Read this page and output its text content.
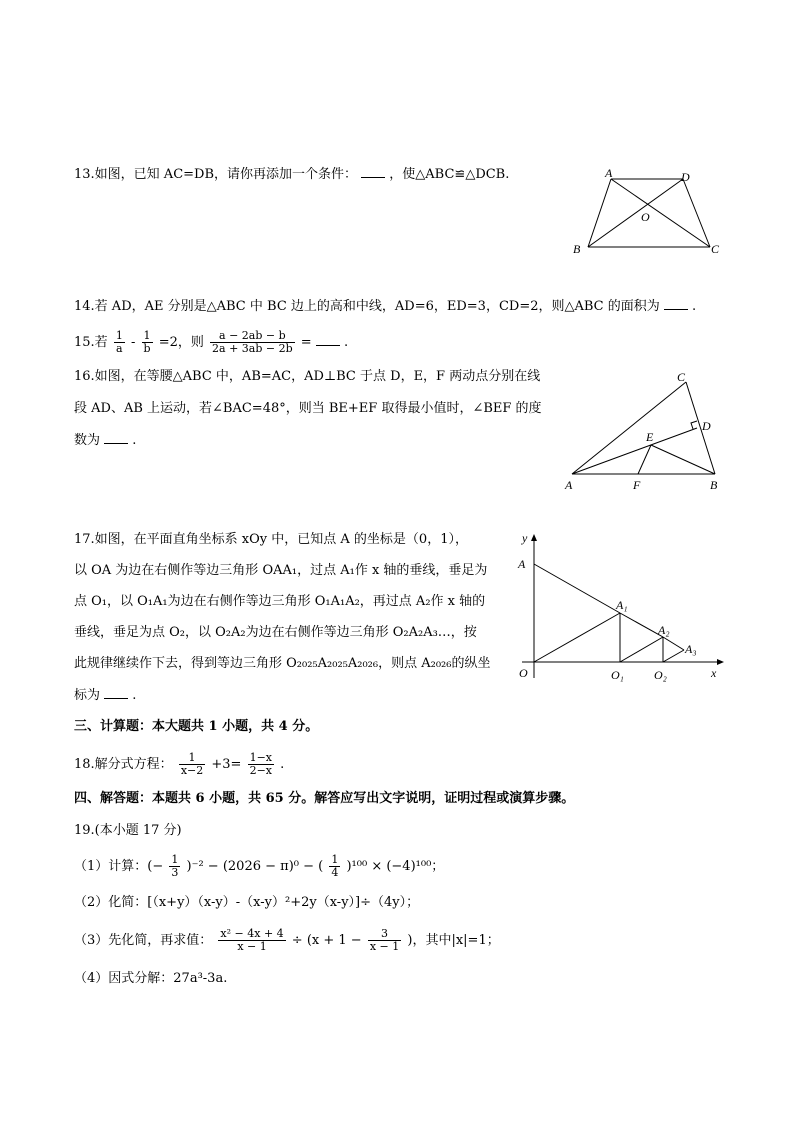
13.如图，已知 AC=DB，请你再添加一个条件： ，使△ABC≌△DCB.	A	D
O
B	C
14.若 AD，AE 分别是△ABC 中 BC 边上的高和中线，AD=6，ED=3，CD=2，则△ABC 的面积为 .
15.若 $\frac{1}{a} - \frac{1}{b} =2$，则 $\frac{a - 2ab - b}{2a + 3ab - 2b}$ = .
16.如图，在等腰△ABC 中，AB=AC，AD⊥BC 于点 D，E，F 两动点分别在线
段 AD、AB 上运动，若∠BAC=48°，则当 BE+EF 取得最小值时，∠BEF 的度
数为 .
C
D
E
A	F	B
17.如图，在平面直角坐标系 xOy 中，已知点 A 的坐标是（0，1），
以 OA 为边在右侧作等边三角形 OAA₁，过点 A₁作 x 轴的垂线，垂足为
点 O₁，以 O₁A₁为边在右侧作等边三角形 O₁A₁A₂，再过点 A₂作 x 轴的
垂线，垂足为点 O₂，以 O₂A₂为边在右侧作等边三角形 O₂A₂A₃…，按
此规律继续作下去，得到等边三角形 O₂₀₂₅A₂₀₂₅A₂₀₂₆，则点 A₂₀₂₆的纵坐
标为 .
y
A
A₁
A₂
A₃
O	O₁	O₂	x
三、计算题：本大题共 1 小题，共 4 分。
18.解分式方程： $\frac{1}{x-2} +3= \frac{1-x}{2-x}$ .
四、解答题：本题共 6 小题，共 65 分。解答应写出文字说明，证明过程或演算步骤。
19.(本小题 17 分)
（1）计算：(− $\frac{1}{3} )^{-2} - (2026 - \pi)^0$ − ( $\frac{1}{4} )^{100} \times (-4)^{100}$；
（2）化简：[（x+y）（x-y）-（x-y）²+2y（x-y）]÷（4y）；
（3）先化简，再求值： $\frac{\text{x² − 4x + 4}}{x - 1} \div (x + 1 - \frac{3}{x - 1}$ )，其中|x|=1；
（4）因式分解：27a³-3a.
